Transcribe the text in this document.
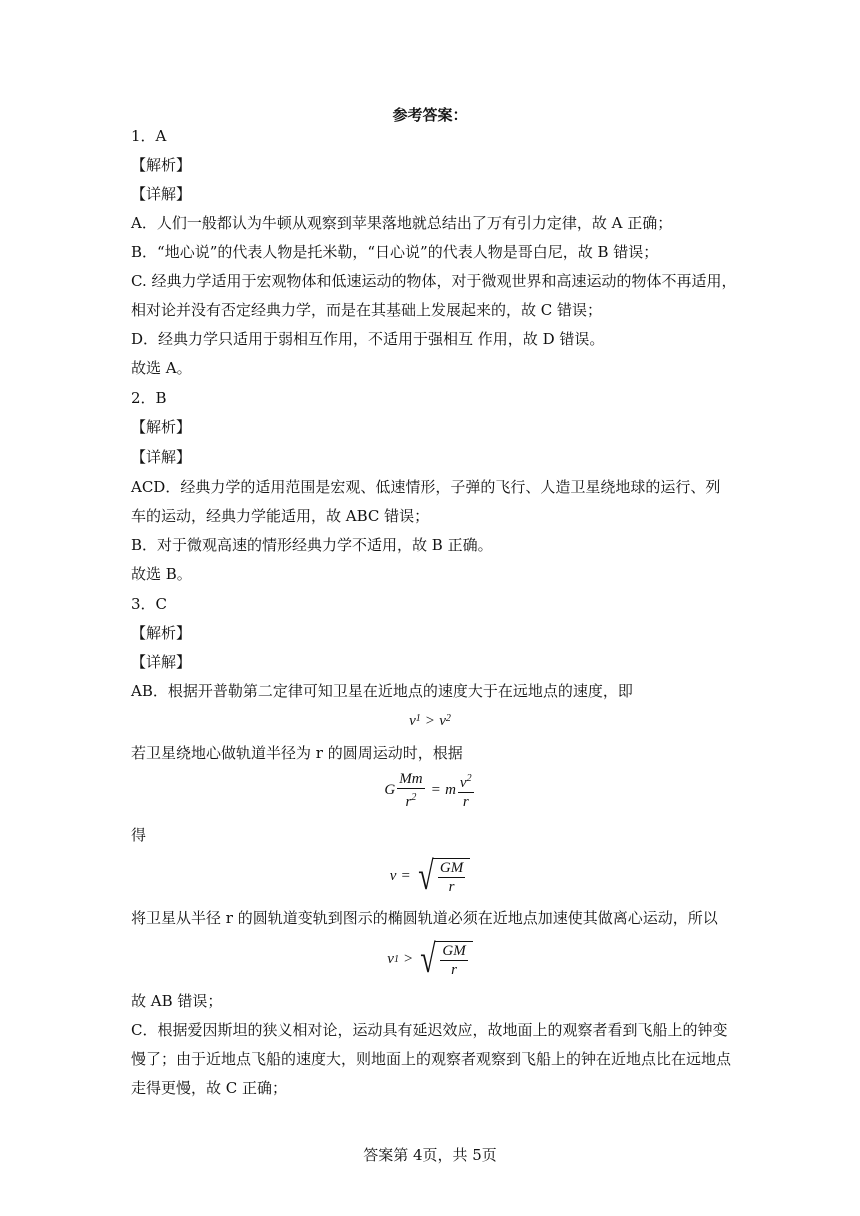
参考答案：
1．A
【解析】
【详解】
A．人们一般都认为牛顿从观察到苹果落地就总结出了万有引力定律，故 A 正确；
B．“地心说”的代表人物是托米勒，“日心说”的代表人物是哥白尼，故 B 错误；
C. 经典力学适用于宏观物体和低速运动的物体，对于微观世界和高速运动的物体不再适用，
相对论并没有否定经典力学，而是在其基础上发展起来的，故 C 错误；
D．经典力学只适用于弱相互作用，不适用于强相互 作用，故 D 错误。
故选 A。
2．B
【解析】
【详解】
ACD．经典力学的适用范围是宏观、低速情形，子弹的飞行、人造卫星绕地球的运行、列
车的运动，经典力学能适用，故 ABC 错误；
B．对于微观高速的情形经典力学不适用，故 B 正确。
故选 B。
3．C
【解析】
【详解】
AB．根据开普勒第二定律可知卫星在近地点的速度大于在远地点的速度，即
v 1 > v 2
若卫星绕地心做轨道半径为 r 的圆周运动时，根据
G $\frac{Mm}{r^2} = m \frac{v^2}{r}$
得
v = √ $\frac{GM}{r}$
将卫星从半径 r 的圆轨道变轨到图示的椭圆轨道必须在近地点加速使其做离心运动，所以
v 1 > √ $\frac{GM}{r}$
故 AB 错误；
C．根据爱因斯坦的狭义相对论，运动具有延迟效应，故地面上的观察者看到飞船上的钟变
慢了；由于近地点飞船的速度大，则地面上的观察者观察到飞船上的钟在近地点比在远地点
走得更慢，故 C 正确；
答案第 4页，共 5页
